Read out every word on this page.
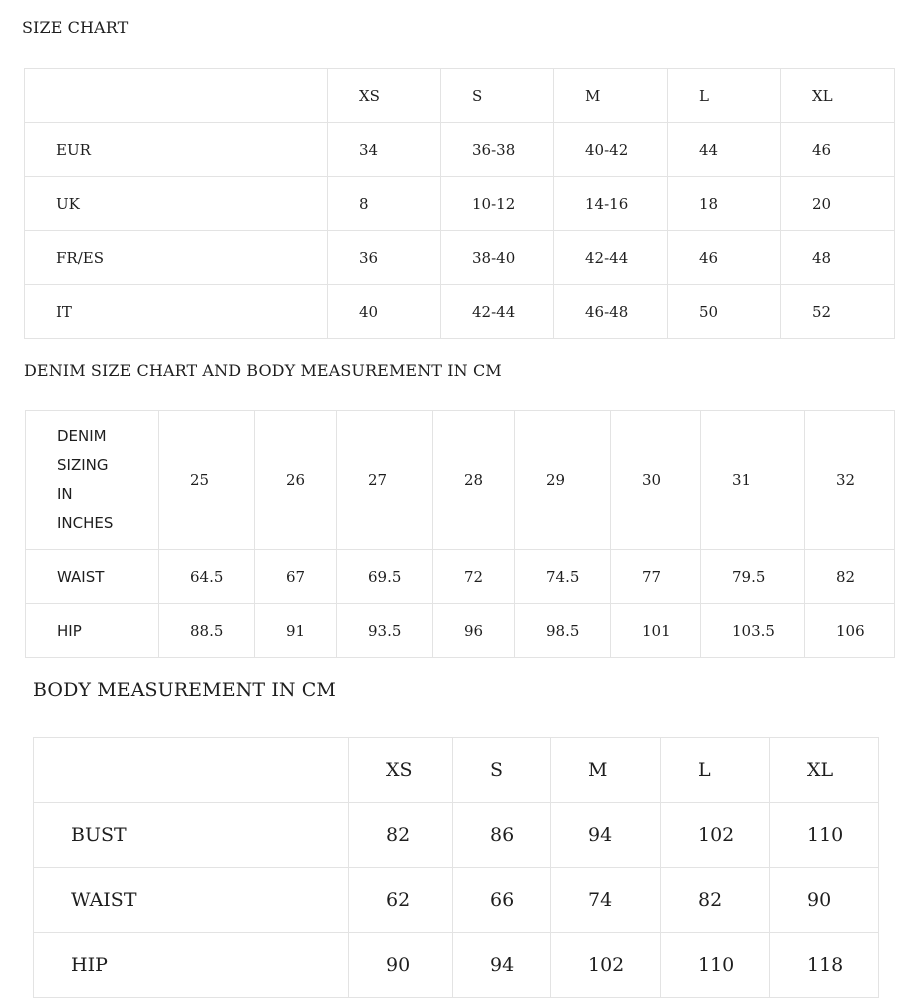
SIZE CHART
	XS	S	M	L	XL
EUR	34	36-38	40-42	44	46
UK	8	10-12	14-16	18	20
FR/ES	36	38-40	42-44	46	48
IT	40	42-44	46-48	50	52
DENIM SIZE CHART AND BODY MEASUREMENT IN CM
DENIM
SIZING
IN
INCHES	25	26	27	28	29	30	31	32
WAIST	64.5	67	69.5	72	74.5	77	79.5	82
HIP	88.5	91	93.5	96	98.5	101	103.5	106
BODY MEASUREMENT IN CM
	XS	S	M	L	XL
BUST	82	86	94	102	110
WAIST	62	66	74	82	90
HIP	90	94	102	110	118
